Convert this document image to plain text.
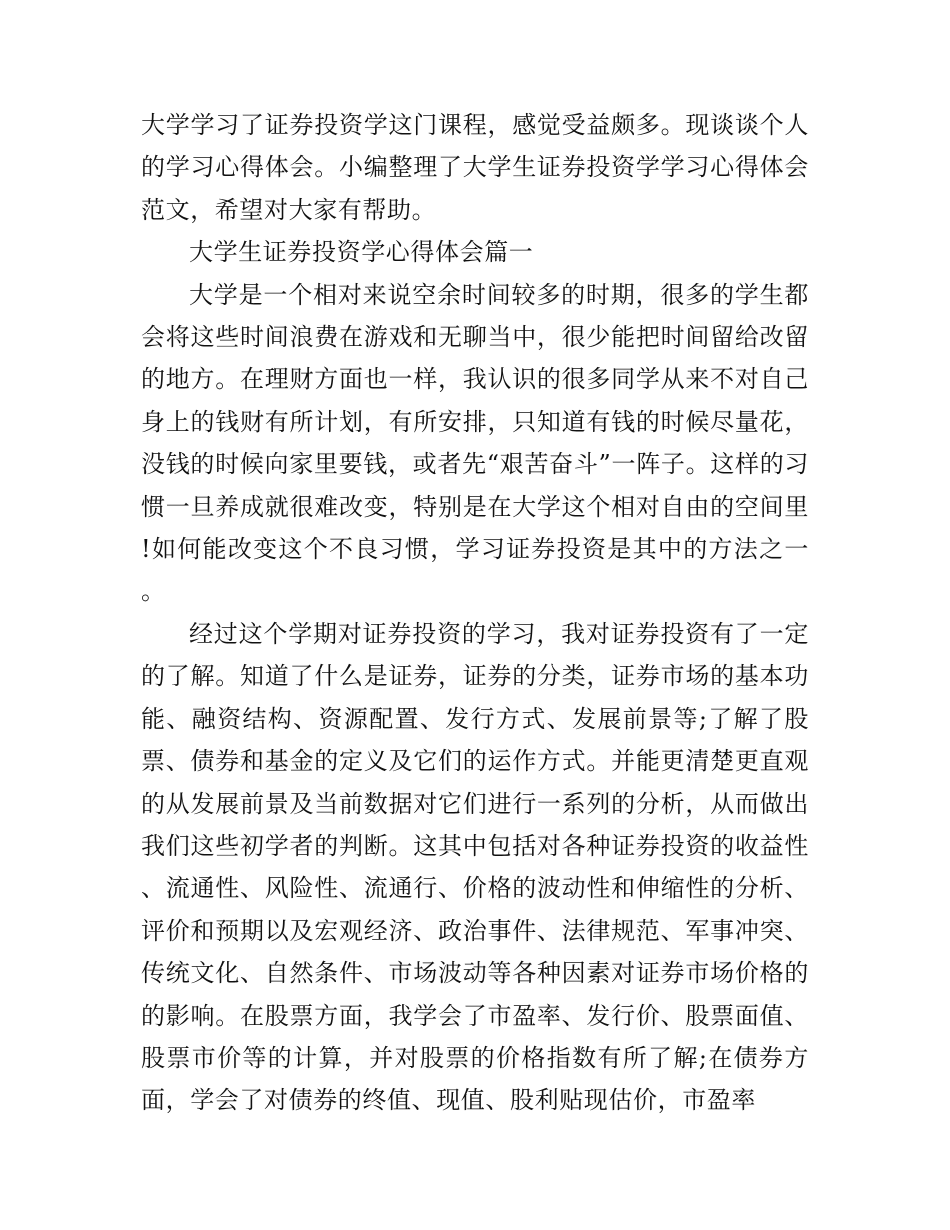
大学学习了证券投资学这门课程，感觉受益颇多。现谈谈个人的学习心得体会。小编整理了大学生证券投资学学习心得体会范文，希望对大家有帮助。

大学生证券投资学心得体会篇一

大学是一个相对来说空余时间较多的时期，很多的学生都会将这些时间浪费在游戏和无聊当中，很少能把时间留给改留的地方。在理财方面也一样，我认识的很多同学从来不对自己身上的钱财有所计划，有所安排，只知道有钱的时候尽量花，没钱的时候向家里要钱，或者先“艰苦奋斗”一阵子。这样的习惯一旦养成就很难改变，特别是在大学这个相对自由的空间里!如何能改变这个不良习惯，学习证券投资是其中的方法之一。

经过这个学期对证券投资的学习，我对证券投资有了一定的了解。知道了什么是证券，证券的分类，证券市场的基本功能、融资结构、资源配置、发行方式、发展前景等;了解了股票、债券和基金的定义及它们的运作方式。并能更清楚更直观的从发展前景及当前数据对它们进行一系列的分析，从而做出我们这些初学者的判断。这其中包括对各种证券投资的收益性、流通性、风险性、流通行、价格的波动性和伸缩性的分析、评价和预期以及宏观经济、政治事件、法律规范、军事冲突、传统文化、自然条件、市场波动等各种因素对证券市场价格的的影响。在股票方面，我学会了市盈率、发行价、股票面值、股票市价等的计算，并对股票的价格指数有所了解;在债券方面，学会了对债券的终值、现值、股利贴现估价，市盈率
